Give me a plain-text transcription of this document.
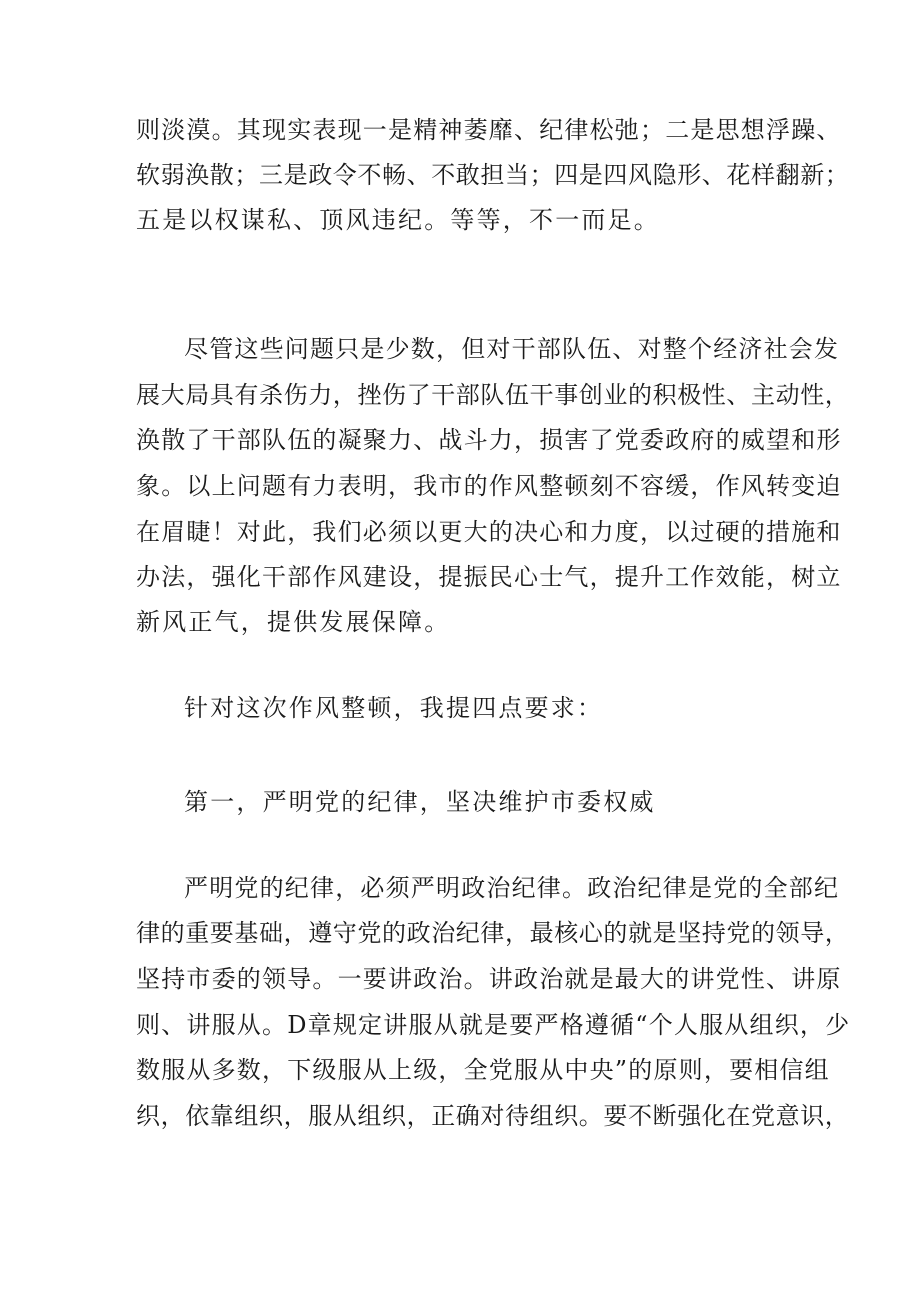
则淡漠。其现实表现一是精神萎靡、纪律松弛；二是思想浮躁、
软弱涣散；三是政令不畅、不敢担当；四是四风隐形、花样翻新；
五是以权谋私、顶风违纪。等等，不一而足。
尽管这些问题只是少数，但对干部队伍、对整个经济社会发
展大局具有杀伤力，挫伤了干部队伍干事创业的积极性、主动性，
涣散了干部队伍的凝聚力、战斗力，损害了党委政府的威望和形
象。以上问题有力表明，我市的作风整顿刻不容缓，作风转变迫
在眉睫！对此，我们必须以更大的决心和力度，以过硬的措施和
办法，强化干部作风建设，提振民心士气，提升工作效能，树立
新风正气，提供发展保障。
针对这次作风整顿，我提四点要求：
第一，严明党的纪律，坚决维护市委权威
严明党的纪律，必须严明政治纪律。政治纪律是党的全部纪
律的重要基础，遵守党的政治纪律，最核心的就是坚持党的领导，
坚持市委的领导。一要讲政治。讲政治就是最大的讲党性、讲原
则、讲服从。D章规定讲服从就是要严格遵循“个人服从组织，少
数服从多数，下级服从上级，全党服从中央”的原则，要相信组
织，依靠组织，服从组织，正确对待组织。要不断强化在党意识，
